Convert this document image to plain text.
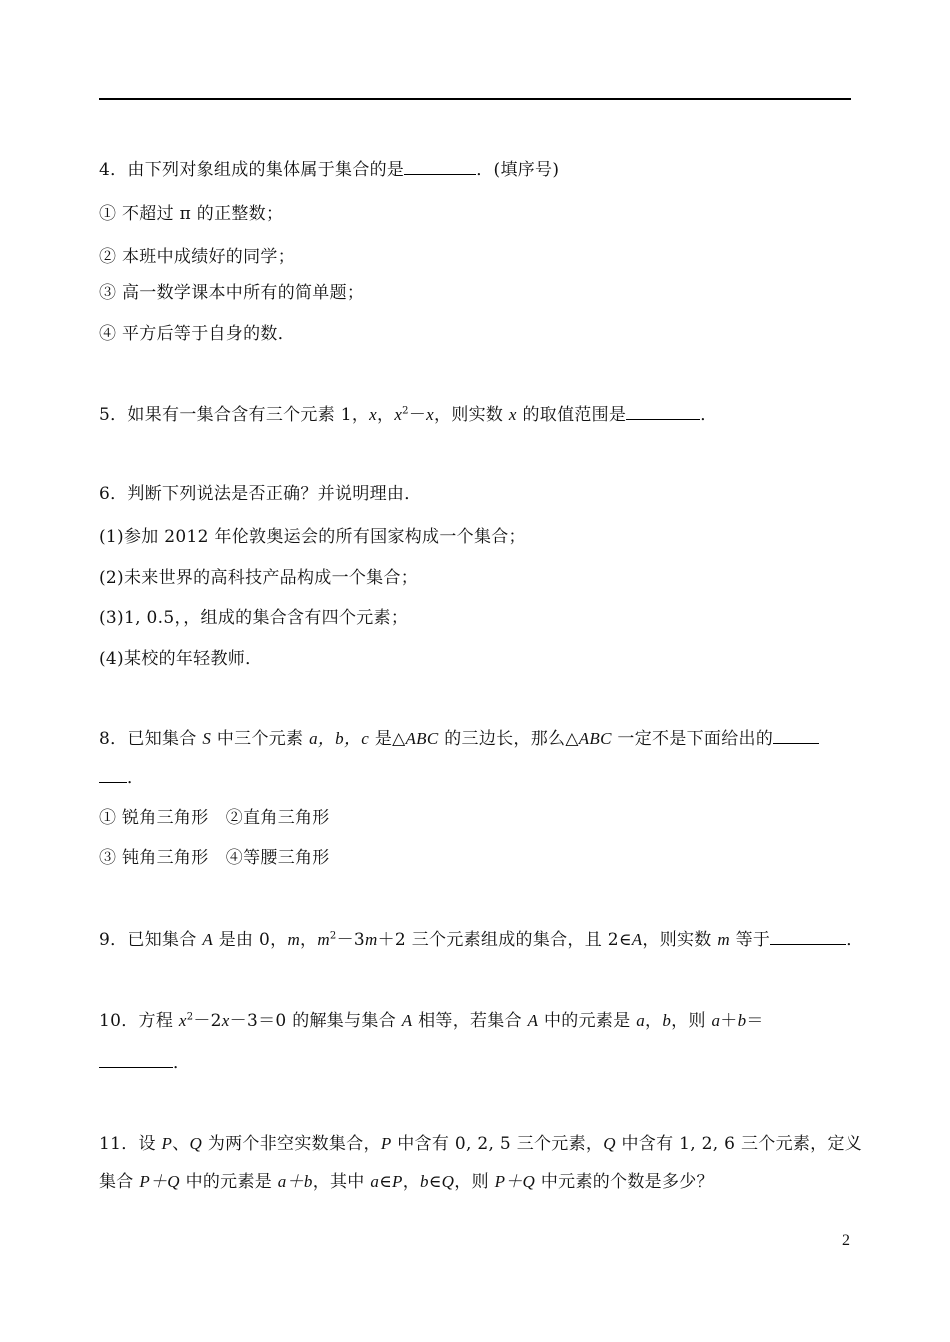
4．由下列对象组成的集体属于集合的是	．(填序号)
① 不超过 π 的正整数；
② 本班中成绩好的同学；
③ 高一数学课本中所有的简单题；
④ 平方后等于自身的数．
5．如果有一集合含有三个元素 1，x，$x^2-x$，则实数 x 的取值范围是	．
6．判断下列说法是否正确？并说明理由．
(1)参加 2012 年伦敦奥运会的所有国家构成一个集合；
(2)未来世界的高科技产品构成一个集合；
(3)1, 0.5，，组成的集合含有四个元素；
(4)某校的年轻教师．
8．已知集合 S 中三个元素 a，b，c 是△ABC 的三边长，那么△ABC 一定不是下面给出的
．
① 锐角三角形　②直角三角形
③ 钝角三角形　④等腰三角形
9．已知集合 A 是由 0，m，$m^2-3m+2$ 三个元素组成的集合，且 2∈A，则实数 m 等于	．
10．方程 $x^2-2x-3=0$ 的解集与集合 A 相等，若集合 A 中的元素是 a，b，则 a＋b＝
．
11．设 P、Q 为两个非空实数集合，P 中含有 0, 2, 5 三个元素，Q 中含有 1, 2, 6 三个元素，定义
集合 P＋Q 中的元素是 a＋b，其中 a∈P，b∈Q，则 P＋Q 中元素的个数是多少？
2
